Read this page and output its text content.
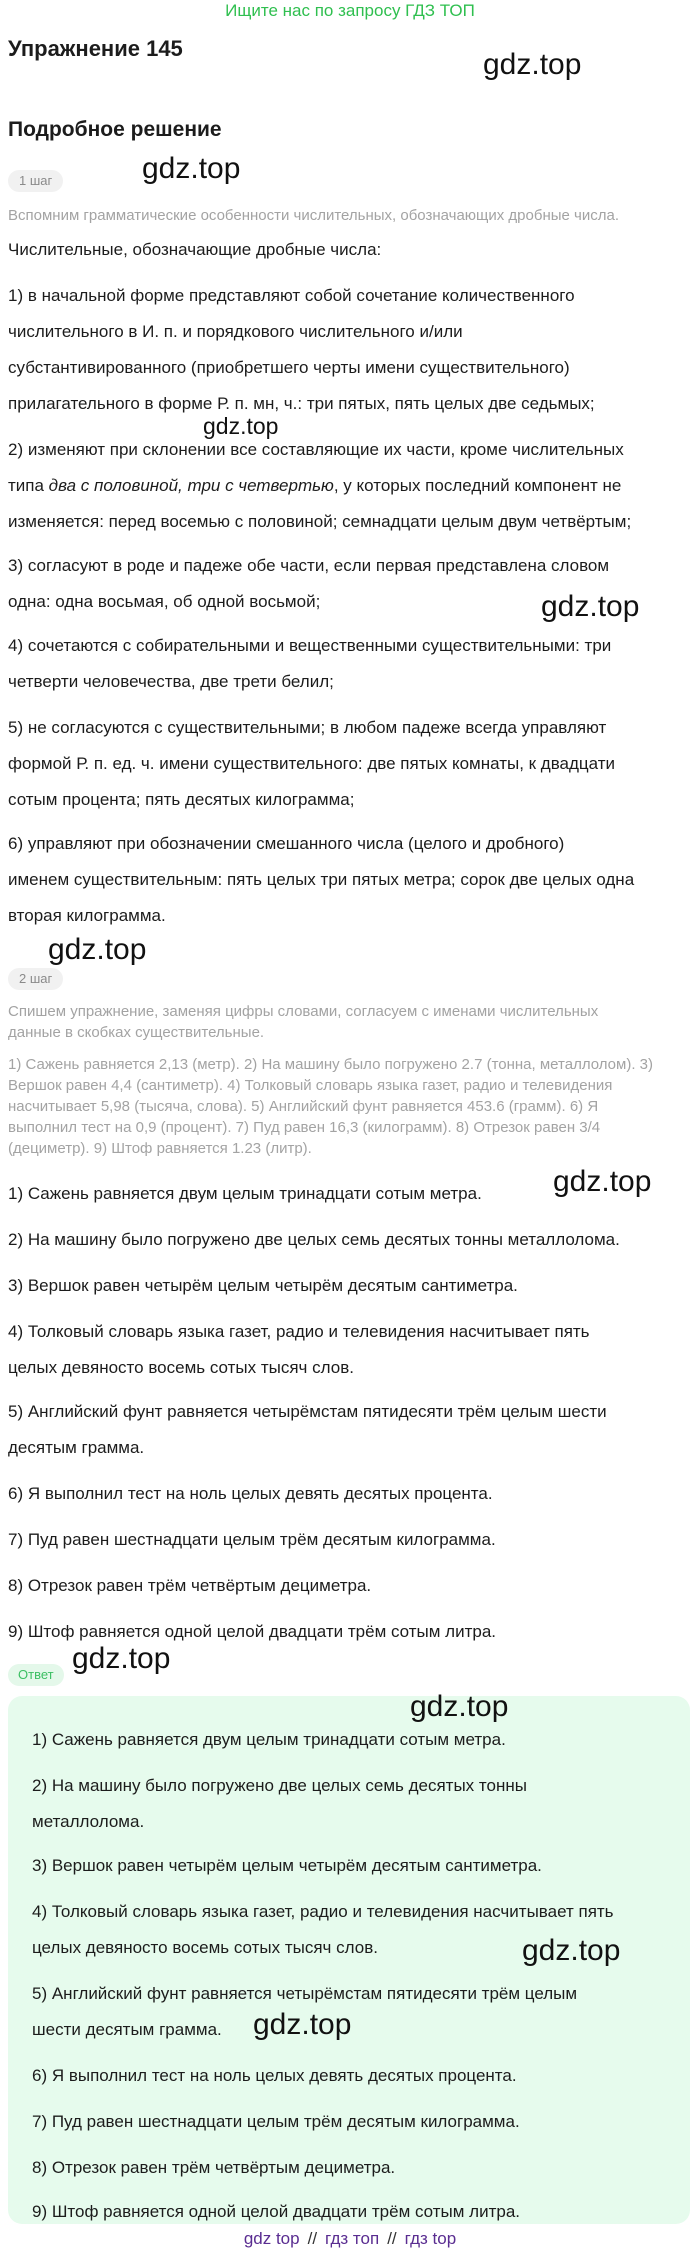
Ищите нас по запросу ГДЗ ТОП
Упражнение 145	gdz.top
Подробное решение
1 шаг	gdz.top
Вспомним грамматические особенности числительных, обозначающих дробные числа.
Числительные, обозначающие дробные числа:
1) в начальной форме представляют собой сочетание количественного
числительного в И. п. и порядкового числительного и/или
субстантивированного (приобретшего черты имени существительного)
прилагательного в форме Р. п. мн, ч.: три пятых, пять целых две седьмых;
gdz.top
2) изменяют при склонении все составляющие их части, кроме числительных
типа два с половиной, три с четвертью, у которых последний компонент не
изменяется: перед восемью с половиной; семнадцати целым двум четвёртым;
3) согласуют в роде и падеже обе части, если первая представлена словом
одна: одна восьмая, об одной восьмой;	gdz.top
4) сочетаются с собирательными и вещественными существительными: три
четверти человечества, две трети белил;
5) не согласуются с существительными; в любом падеже всегда управляют
формой Р. п. ед. ч. имени существительного: две пятых комнаты, к двадцати
сотым процента; пять десятых килограмма;
6) управляют при обозначении смешанного числа (целого и дробного)
именем существительным: пять целых три пятых метра; сорок две целых одна
вторая килограмма.
gdz.top
2 шаг
Спишем упражнение, заменяя цифры словами, согласуем с именами числительных
данные в скобках существительные.
1) Сажень равняется 2,13 (метр). 2) На машину было погружено 2.7 (тонна, металлолом). 3)
Вершок равен 4,4 (сантиметр). 4) Толковый словарь языка газет, радио и телевидения
насчитывает 5,98 (тысяча, слова). 5) Английский фунт равняется 453.6 (грамм). 6) Я
выполнил тест на 0,9 (процент). 7) Пуд равен 16,3 (килограмм). 8) Отрезок равен 3/4
(дециметр). 9) Штоф равняется 1.23 (литр).
gdz.top
1) Сажень равняется двум целым тринадцати сотым метра.
2) На машину было погружено две целых семь десятых тонны металлолома.
3) Вершок равен четырём целым четырём десятым сантиметра.
4) Толковый словарь языка газет, радио и телевидения насчитывает пять
целых девяносто восемь сотых тысяч слов.
5) Английский фунт равняется четырёмстам пятидесяти трём целым шести
десятым грамма.
6) Я выполнил тест на ноль целых девять десятых процента.
7) Пуд равен шестнадцати целым трём десятым килограмма.
8) Отрезок равен трём четвёртым дециметра.
9) Штоф равняется одной целой двадцати трём сотым литра.
Ответ gdz.top
gdz.top
1) Сажень равняется двум целым тринадцати сотым метра.
2) На машину было погружено две целых семь десятых тонны
металлолома.
3) Вершок равен четырём целым четырём десятым сантиметра.
4) Толковый словарь языка газет, радио и телевидения насчитывает пять
целых девяносто восемь сотых тысяч слов.	gdz.top
5) Английский фунт равняется четырёмстам пятидесяти трём целым
шести десятым грамма.	gdz.top
6) Я выполнил тест на ноль целых девять десятых процента.
7) Пуд равен шестнадцати целым трём десятым килограмма.
8) Отрезок равен трём четвёртым дециметра.
9) Штоф равняется одной целой двадцати трём сотым литра.
gdz top // гдз топ // гдз top
